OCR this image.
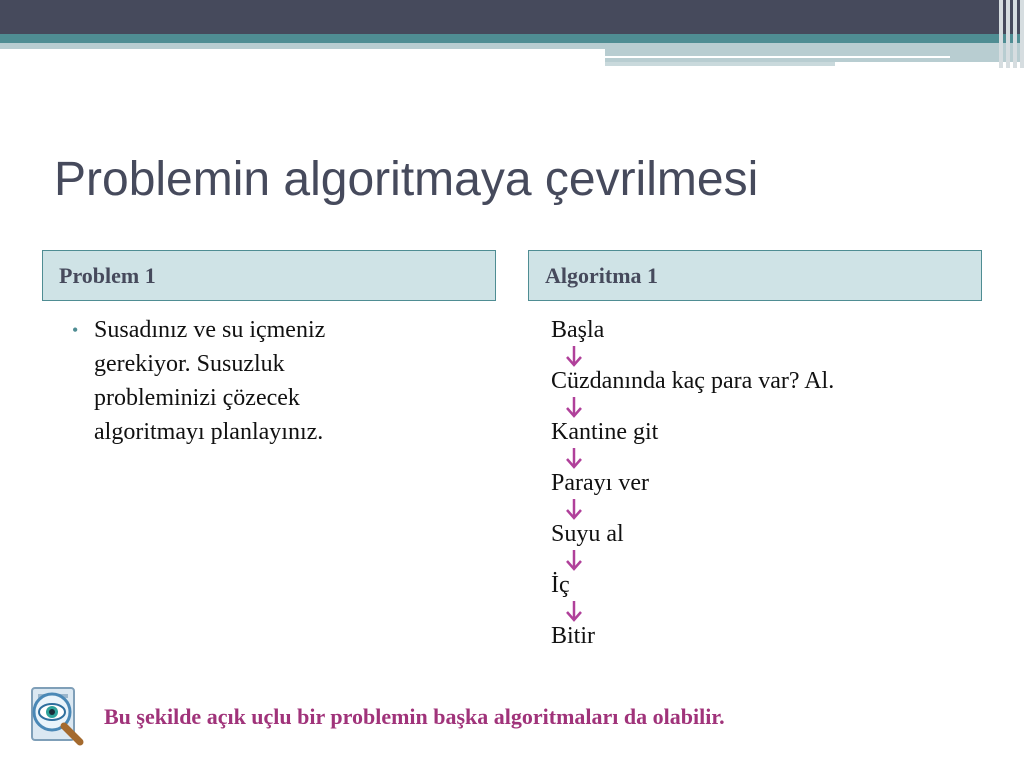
Problemin algoritmaya çevrilmesi
Problem 1	Algoritma 1
• Susadınız ve su içmeniz gerekiyor. Susuzluk probleminizi çözecek algoritmayı planlayınız.
Başla
Cüzdanında kaç para var? Al.
Kantine git
Parayı ver
Suyu al
İç
Bitir
Bu şekilde açık uçlu bir problemin başka algoritmaları da olabilir.
